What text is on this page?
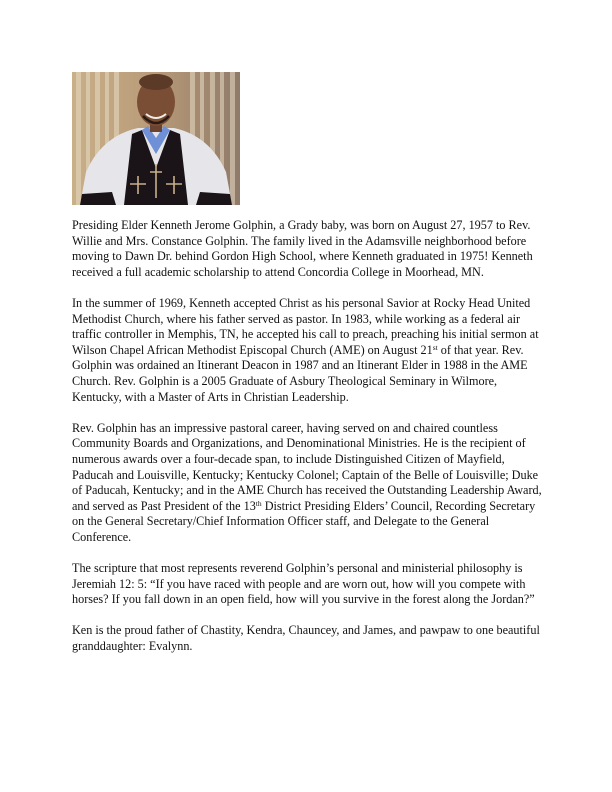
Presiding Elder Kenneth Jerome Golphin, a Grady baby, was born on August 27, 1957 to Rev. Willie and Mrs. Constance Golphin. The family lived in the Adamsville neighborhood before moving to Dawn Dr. behind Gordon High School, where Kenneth graduated in 1975! Kenneth received a full academic scholarship to attend Concordia College in Moorhead, MN.

In the summer of 1969, Kenneth accepted Christ as his personal Savior at Rocky Head United Methodist Church, where his father served as pastor. In 1983, while working as a federal air traffic controller in Memphis, TN, he accepted his call to preach, preaching his initial sermon at Wilson Chapel African Methodist Episcopal Church (AME) on August 21st of that year. Rev. Golphin was ordained an Itinerant Deacon in 1987 and an Itinerant Elder in 1988 in the AME Church. Rev. Golphin is a 2005 Graduate of Asbury Theological Seminary in Wilmore, Kentucky, with a Master of Arts in Christian Leadership.

Rev. Golphin has an impressive pastoral career, having served on and chaired countless Community Boards and Organizations, and Denominational Ministries. He is the recipient of numerous awards over a four-decade span, to include Distinguished Citizen of Mayfield, Paducah and Louisville, Kentucky; Kentucky Colonel; Captain of the Belle of Louisville; Duke of Paducah, Kentucky; and in the AME Church has received the Outstanding Leadership Award, and served as Past President of the 13th District Presiding Elders’ Council, Recording Secretary on the General Secretary/Chief Information Officer staff, and Delegate to the General Conference.

The scripture that most represents reverend Golphin’s personal and ministerial philosophy is Jeremiah 12: 5: “If you have raced with people and are worn out, how will you compete with horses? If you fall down in an open field, how will you survive in the forest along the Jordan?”

Ken is the proud father of Chastity, Kendra, Chauncey, and James, and pawpaw to one beautiful granddaughter: Evalynn.
